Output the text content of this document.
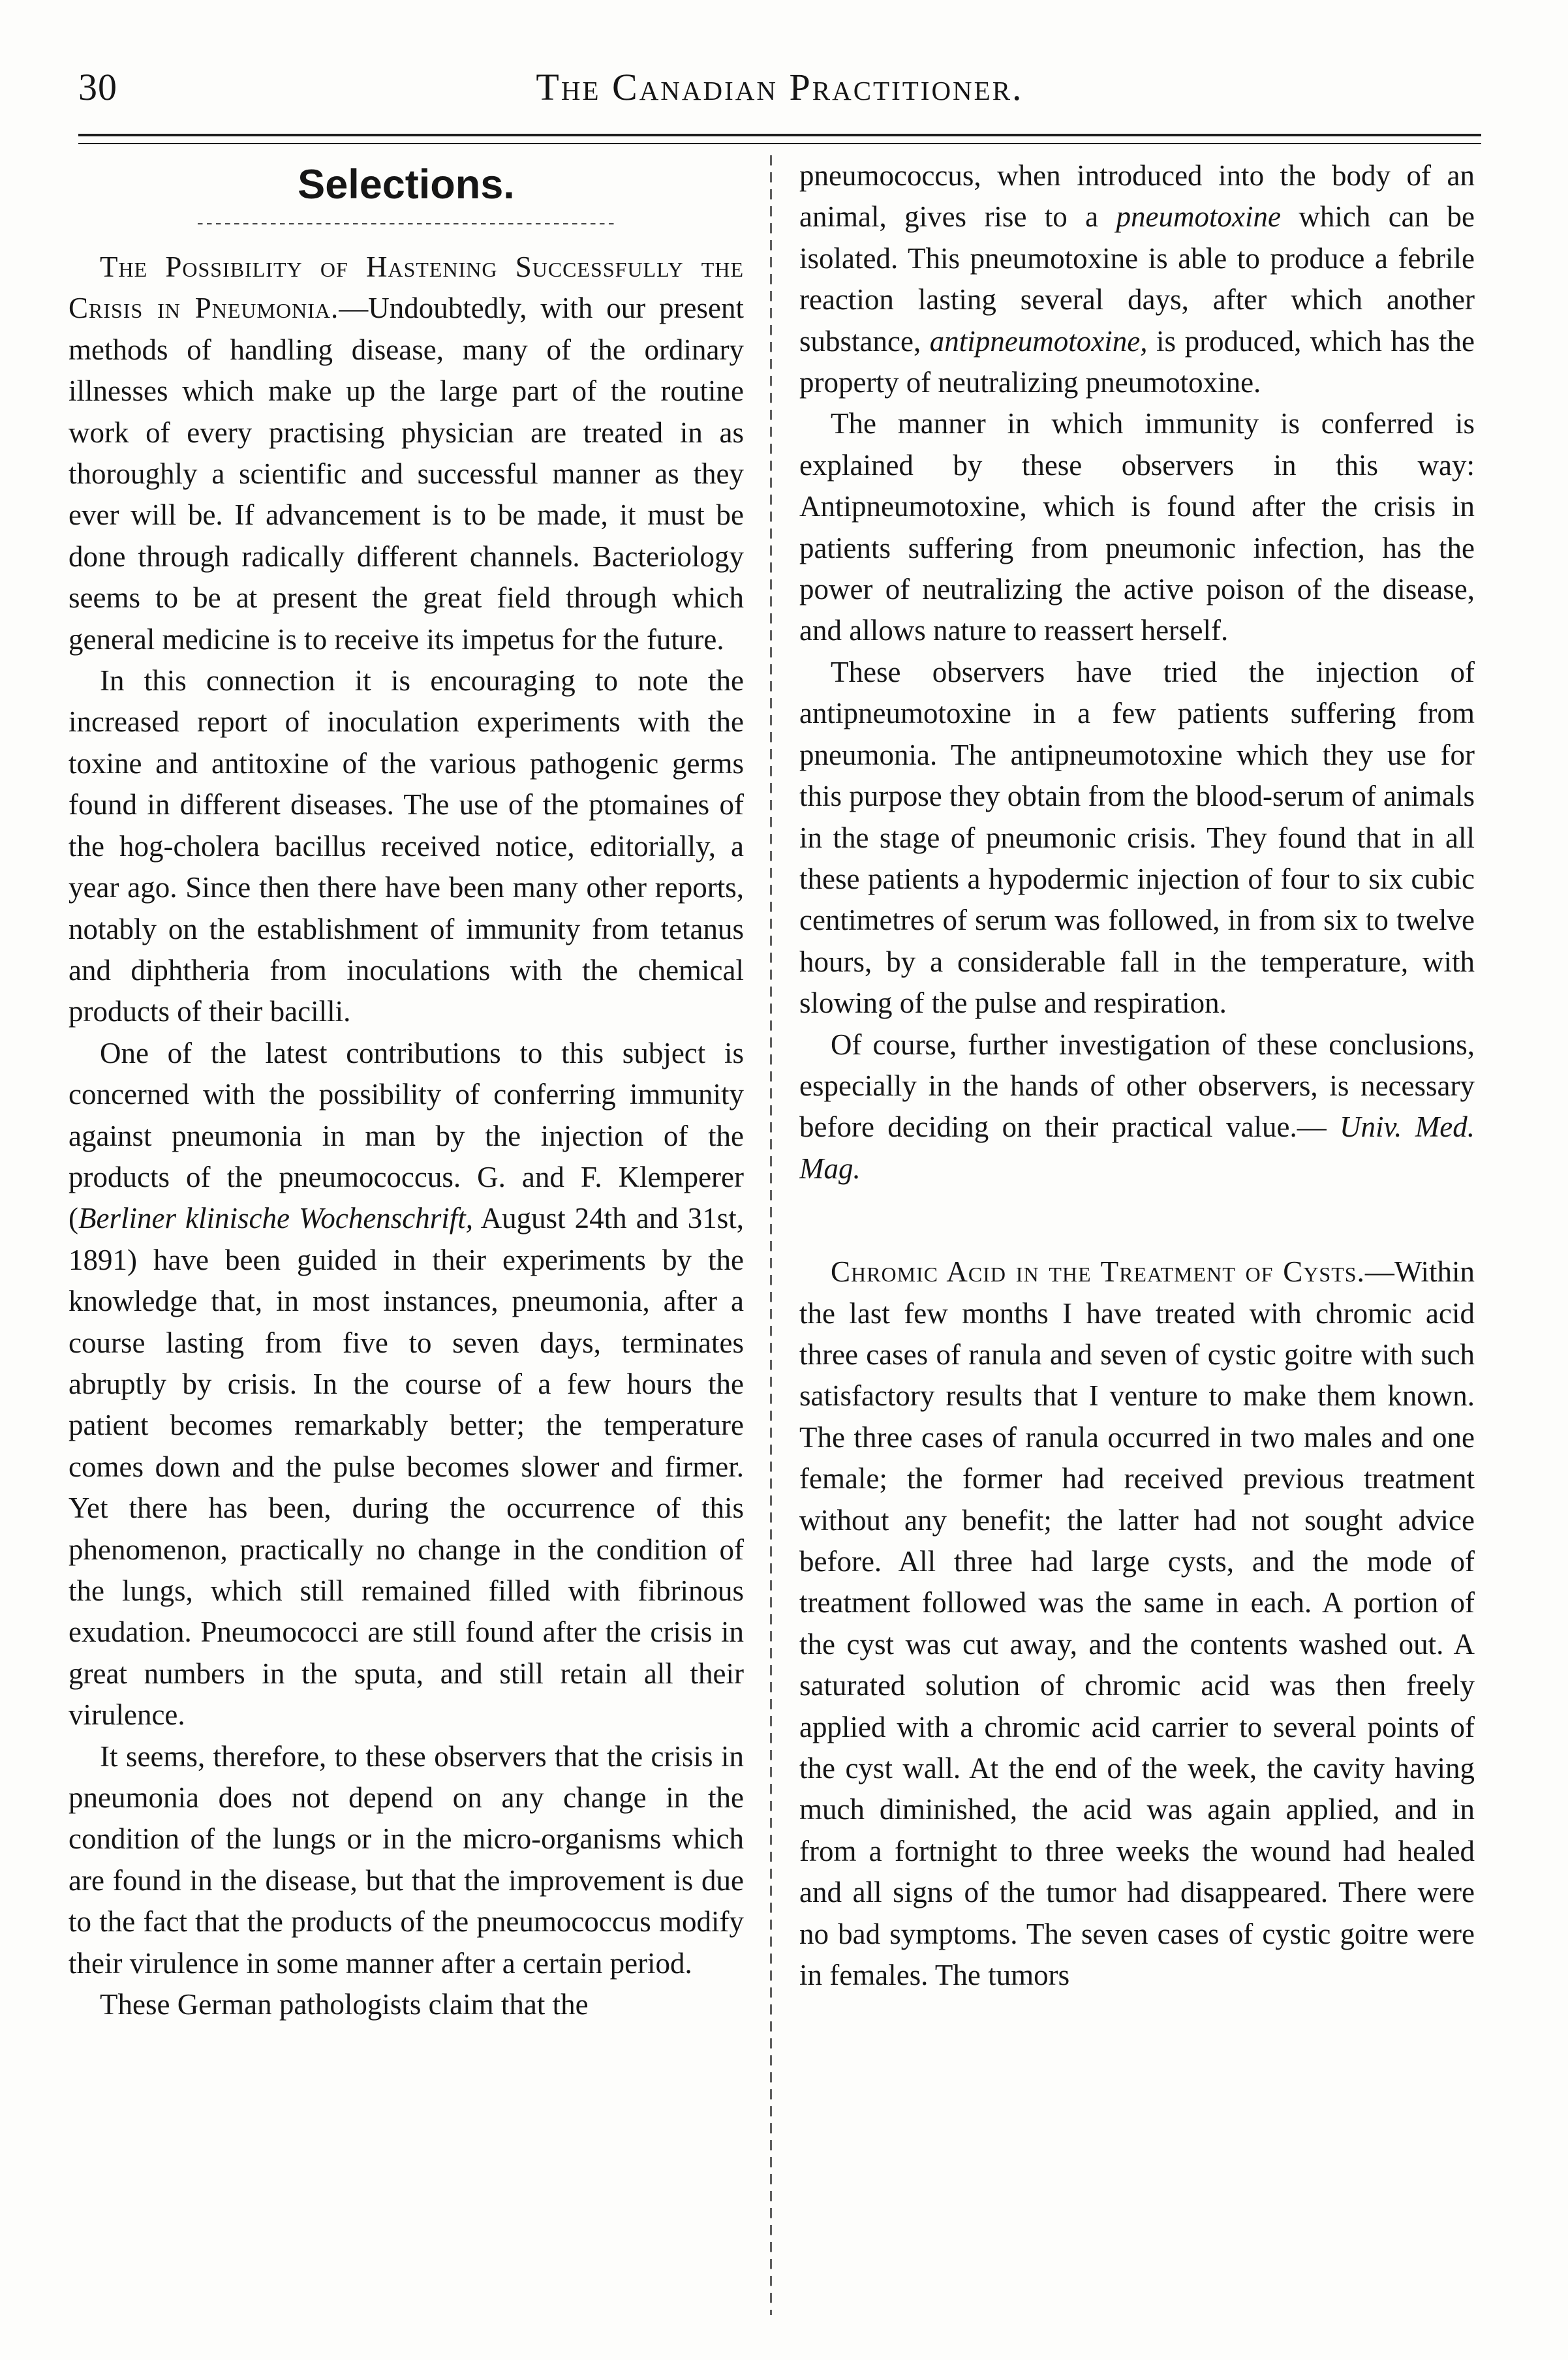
30	The Canadian Practitioner.
Selections.

The Possibility of Hastening Successfully the Crisis in Pneumonia.—Undoubtedly, with our present methods of handling disease, many of the ordinary illnesses which make up the large part of the routine work of every practising physician are treated in as thoroughly a scientific and successful manner as they ever will be. If advancement is to be made, it must be done through radically different channels. Bacteriology seems to be at present the great field through which general medicine is to receive its impetus for the future.

In this connection it is encouraging to note the increased report of inoculation experiments with the toxine and antitoxine of the various pathogenic germs found in different diseases. The use of the ptomaines of the hog-cholera bacillus received notice, editorially, a year ago. Since then there have been many other reports, notably on the establishment of immunity from tetanus and diphtheria from inoculations with the chemical products of their bacilli.

One of the latest contributions to this subject is concerned with the possibility of conferring immunity against pneumonia in man by the injection of the products of the pneumococcus. G. and F. Klemperer (Berliner klinische Wochenschrift, August 24th and 31st, 1891) have been guided in their experiments by the knowledge that, in most instances, pneumonia, after a course lasting from five to seven days, terminates abruptly by crisis. In the course of a few hours the patient becomes remarkably better; the temperature comes down and the pulse becomes slower and firmer. Yet there has been, during the occurrence of this phenomenon, practically no change in the condition of the lungs, which still remained filled with fibrinous exudation. Pneumococci are still found after the crisis in great numbers in the sputa, and still retain all their virulence.

It seems, therefore, to these observers that the crisis in pneumonia does not depend on any change in the condition of the lungs or in the micro-organisms which are found in the disease, but that the improvement is due to the fact that the products of the pneumococcus modify their virulence in some manner after a certain period.

These German pathologists claim that the

pneumococcus, when introduced into the body of an animal, gives rise to a pneumotoxine which can be isolated. This pneumotoxine is able to produce a febrile reaction lasting several days, after which another substance, antipneumotoxine, is produced, which has the property of neutralizing pneumotoxine.

The manner in which immunity is conferred is explained by these observers in this way: Antipneumotoxine, which is found after the crisis in patients suffering from pneumonic infection, has the power of neutralizing the active poison of the disease, and allows nature to reassert herself.

These observers have tried the injection of antipneumotoxine in a few patients suffering from pneumonia. The antipneumotoxine which they use for this purpose they obtain from the blood-serum of animals in the stage of pneumonic crisis. They found that in all these patients a hypodermic injection of four to six cubic centimetres of serum was followed, in from six to twelve hours, by a considerable fall in the temperature, with slowing of the pulse and respiration.

Of course, further investigation of these conclusions, especially in the hands of other observers, is necessary before deciding on their practical value.— Univ. Med. Mag.

Chromic Acid in the Treatment of Cysts.—Within the last few months I have treated with chromic acid three cases of ranula and seven of cystic goitre with such satisfactory results that I venture to make them known. The three cases of ranula occurred in two males and one female; the former had received previous treatment without any benefit; the latter had not sought advice before. All three had large cysts, and the mode of treatment followed was the same in each. A portion of the cyst was cut away, and the contents washed out. A saturated solution of chromic acid was then freely applied with a chromic acid carrier to several points of the cyst wall. At the end of the week, the cavity having much diminished, the acid was again applied, and in from a fortnight to three weeks the wound had healed and all signs of the tumor had disappeared. There were no bad symptoms. The seven cases of cystic goitre were in females. The tumors
